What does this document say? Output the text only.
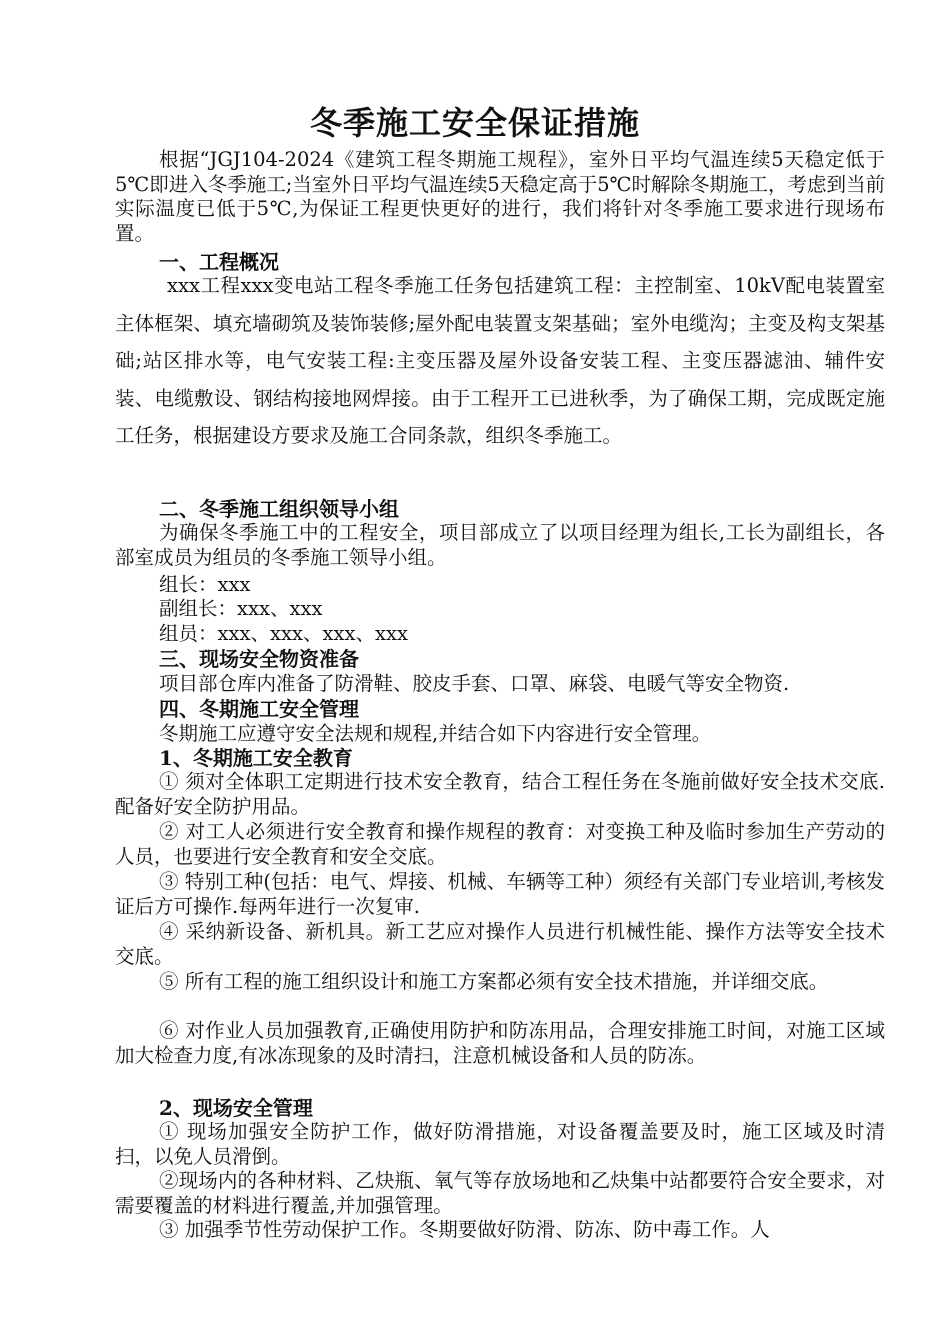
冬季施工安全保证措施

根据“JGJ104-2024《建筑工程冬期施工规程》，室外日平均气温连续5天稳定低于5℃即进入冬季施工;当室外日平均气温连续5天稳定高于5℃时解除冬期施工，考虑到当前实际温度已低于5℃,为保证工程更快更好的进行，我们将针对冬季施工要求进行现场布置。

一、工程概况

xxx工程xxx变电站工程冬季施工任务包括建筑工程：主控制室、10kV配电装置室主体框架、填充墙砌筑及装饰装修;屋外配电装置支架基础；室外电缆沟；主变及构支架基础;站区排水等，电气安装工程:主变压器及屋外设备安装工程、主变压器滤油、辅件安装、电缆敷设、钢结构接地网焊接。由于工程开工已进秋季，为了确保工期，完成既定施工任务，根据建设方要求及施工合同条款，组织冬季施工。

二、冬季施工组织领导小组

为确保冬季施工中的工程安全，项目部成立了以项目经理为组长,工长为副组长，各部室成员为组员的冬季施工领导小组。

组长：xxx

副组长：xxx、xxx

组员：xxx、xxx、xxx、xxx

三、现场安全物资准备

项目部仓库内准备了防滑鞋、胶皮手套、口罩、麻袋、电暖气等安全物资.

四、冬期施工安全管理

冬期施工应遵守安全法规和规程,并结合如下内容进行安全管理。

1、冬期施工安全教育

① 须对全体职工定期进行技术安全教育，结合工程任务在冬施前做好安全技术交底.配备好安全防护用品。

② 对工人必须进行安全教育和操作规程的教育：对变换工种及临时参加生产劳动的人员，也要进行安全教育和安全交底。

③ 特别工种(包括：电气、焊接、机械、车辆等工种）须经有关部门专业培训,考核发证后方可操作.每两年进行一次复审.

④ 采纳新设备、新机具。新工艺应对操作人员进行机械性能、操作方法等安全技术交底。

⑤ 所有工程的施工组织设计和施工方案都必须有安全技术措施，并详细交底。

⑥ 对作业人员加强教育,正确使用防护和防冻用品，合理安排施工时间，对施工区域加大检查力度,有冰冻现象的及时清扫，注意机械设备和人员的防冻。

2、现场安全管理

① 现场加强安全防护工作，做好防滑措施，对设备覆盖要及时，施工区域及时清扫，以免人员滑倒。

②现场内的各种材料、乙炔瓶、氧气等存放场地和乙炔集中站都要符合安全要求，对需要覆盖的材料进行覆盖,并加强管理。

③ 加强季节性劳动保护工作。冬期要做好防滑、防冻、防中毒工作。人
